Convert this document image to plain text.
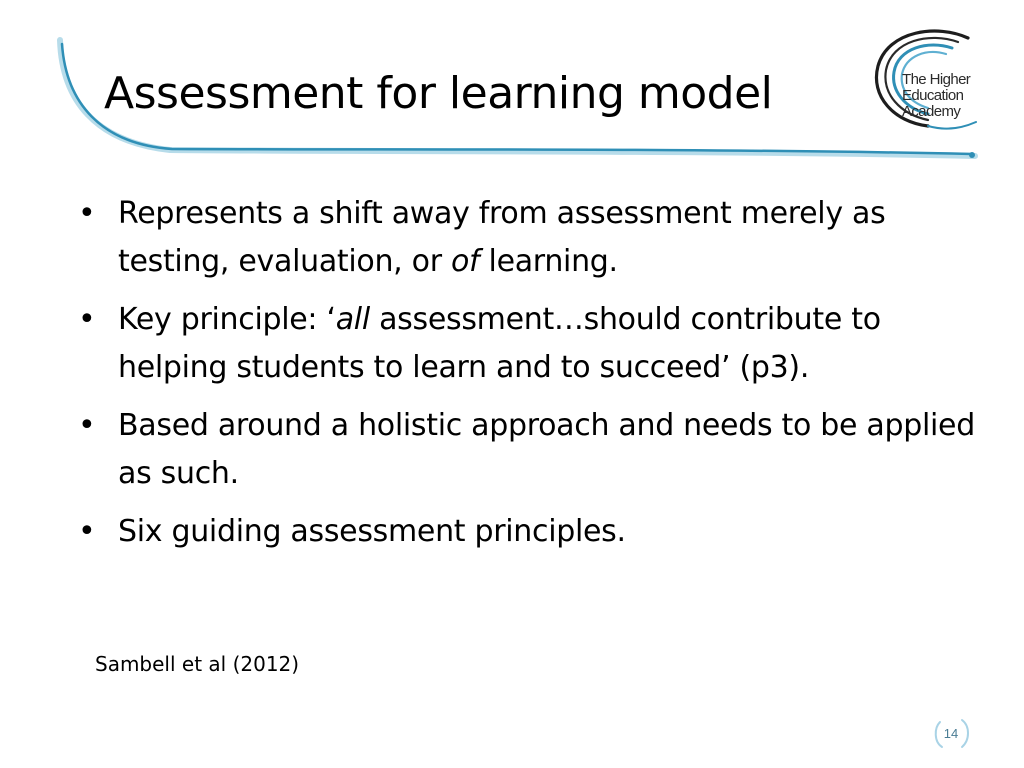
Assessment for learning model	The Higher
Education
Academy
• Represents a shift away from assessment merely as testing, evaluation, or of learning.
• Key principle: ‘all assessment…should contribute to helping students to learn and to succeed’ (p3).
• Based around a holistic approach and needs to be applied as such.
• Six guiding assessment principles.
Sambell et al (2012)
14
